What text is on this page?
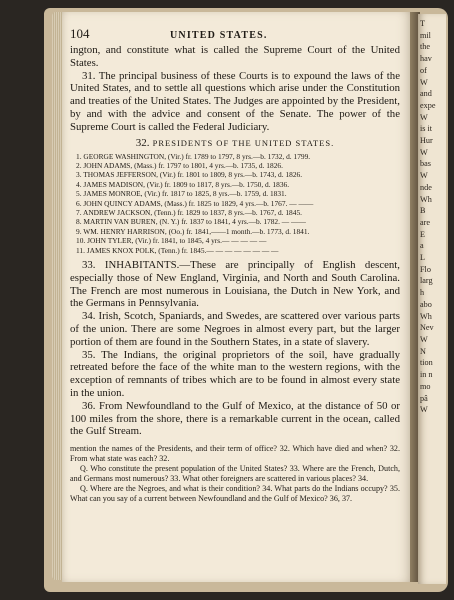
104	UNITED STATES.

ington, and constitute what is called the Supreme Court of the United States.

31. The principal business of these Courts is to expound the laws of the United States, and to settle all questions which arise under the Constitution and treaties of the United States. The Judges are appointed by the President, by and with the advice and consent of the Senate. The power of the Supreme Court is called the Federal Judiciary.

32. PRESIDENTS OF THE UNITED STATES.
1. GEORGE WASHINGTON, (Vir.) fr. 1789 to 1797, 8 yrs.—b. 1732, d. 1799.
2. JOHN ADAMS, (Mass.) fr. 1797 to 1801, 4 yrs.—b. 1735, d. 1826.
3. THOMAS JEFFERSON, (Vir.) fr. 1801 to 1809, 8 yrs.—b. 1743, d. 1826.
4. JAMES MADISON, (Vir.) fr. 1809 to 1817, 8 yrs.—b. 1750, d. 1836.
5. JAMES MONROE, (Vir.) fr. 1817 to 1825, 8 yrs.—b. 1759, d. 1831.
6. JOHN QUINCY ADAMS, (Mass.) fr. 1825 to 1829, 4 yrs.—b. 1767. — ——
7. ANDREW JACKSON, (Tenn.) fr. 1829 to 1837, 8 yrs.—b. 1767, d. 1845.
8. MARTIN VAN BUREN, (N. Y.) fr. 1837 to 1841, 4 yrs.—b. 1782. — ——
9. WM. HENRY HARRISON, (Oo.) fr. 1841,——1 month.—b. 1773, d. 1841.
10. JOHN TYLER, (Vir.) fr. 1841, to 1845, 4 yrs.— — — — —
11. JAMES KNOX POLK, (Tenn.) fr. 1845.— — — — — — — —

33. INHABITANTS.—These are principally of English descent, especially those of New England, Virginia, and North and South Carolina. The French are most numerous in Louisiana, the Dutch in New York, and the Germans in Pennsylvania.

34. Irish, Scotch, Spaniards, and Swedes, are scattered over various parts of the union. There are some Negroes in almost every part, but the larger portion of them are found in the Southern States, in a state of slavery.

35. The Indians, the original proprietors of the soil, have gradually retreated before the face of the white man to the western regions, with the exception of remnants of tribes which are to be found in almost every state in the union.

36. From Newfoundland to the Gulf of Mexico, at the distance of 50 or 100 miles from the shore, there is a remarkable current in the ocean, called the Gulf Stream.

mention the names of the Presidents, and their term of office? 32. Which have died and when? 32. From what state was each? 32.
Q. Who constitute the present population of the United States? 33. Where are the French, Dutch, and Germans most numerous? 33. What other foreigners are scattered in various places? 34.
Q. Where are the Negroes, and what is their condition? 34. What parts do the Indians occupy? 35. What can you say of a current between Newfoundland and the Gulf of Mexico? 36, 37.
T
mil
the
hav
of
W
and
expe
W
is it
Hur
W
bas
W
nde
Wh
B
are
E
a
L
Flo
larg
h
abo
Wh
Nev
W
N
tion
in n
mo
pâ
W
